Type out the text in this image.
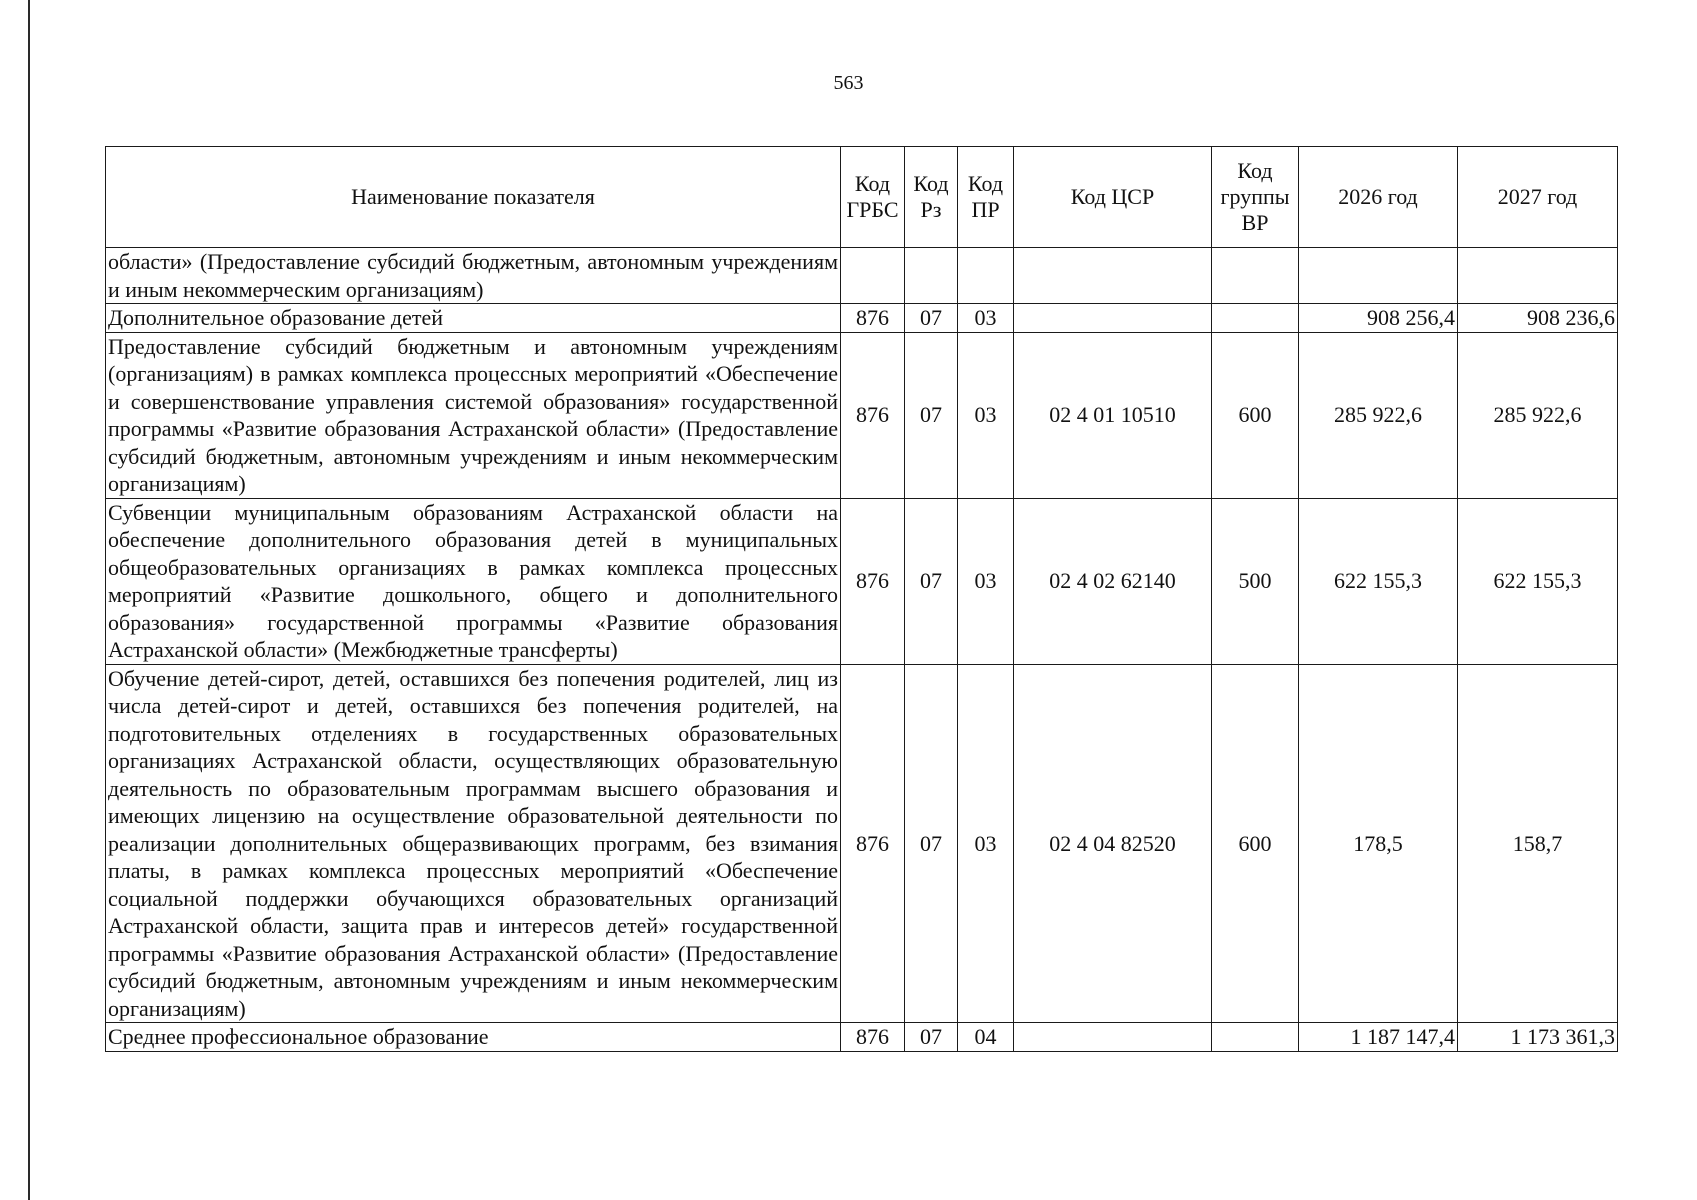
563
Наименование показателя	Код ГРБС	Код Рз	Код ПР	Код ЦСР	Код группы ВР	2026 год	2027 год
области» (Предоставление субсидий бюджетным, автономным учреждениям и иным некоммерческим организациям)							
Дополнительное образование детей	876	07	03			908 256,4	908 236,6
Предоставление субсидий бюджетным и автономным учреждениям (организациям) в рамках комплекса процессных мероприятий «Обеспечение и совершенствование управления системой образования» государственной программы «Развитие образования Астраханской области» (Предоставление субсидий бюджетным, автономным учреждениям и иным некоммерческим организациям)	876	07	03	02 4 01 10510	600	285 922,6	285 922,6
Субвенции муниципальным образованиям Астраханской области на обеспечение дополнительного образования детей в муниципальных общеобразовательных организациях в рамках комплекса процессных мероприятий «Развитие дошкольного, общего и дополнительного образования» государственной программы «Развитие образования Астраханской области» (Межбюджетные трансферты)	876	07	03	02 4 02 62140	500	622 155,3	622 155,3
Обучение детей-сирот, детей, оставшихся без попечения родителей, лиц из числа детей-сирот и детей, оставшихся без попечения родителей, на подготовительных отделениях в государственных образовательных организациях Астраханской области, осуществляющих образовательную деятельность по образовательным программам высшего образования и имеющих лицензию на осуществление образовательной деятельности по реализации дополнительных общеразвивающих программ, без взимания платы, в рамках комплекса процессных мероприятий «Обеспечение социальной поддержки обучающихся образовательных организаций Астраханской области, защита прав и интересов детей» государственной программы «Развитие образования Астраханской области» (Предоставление субсидий бюджетным, автономным учреждениям и иным некоммерческим организациям)	876	07	03	02 4 04 82520	600	178,5	158,7
Среднее профессиональное образование	876	07	04			1 187 147,4	1 173 361,3
